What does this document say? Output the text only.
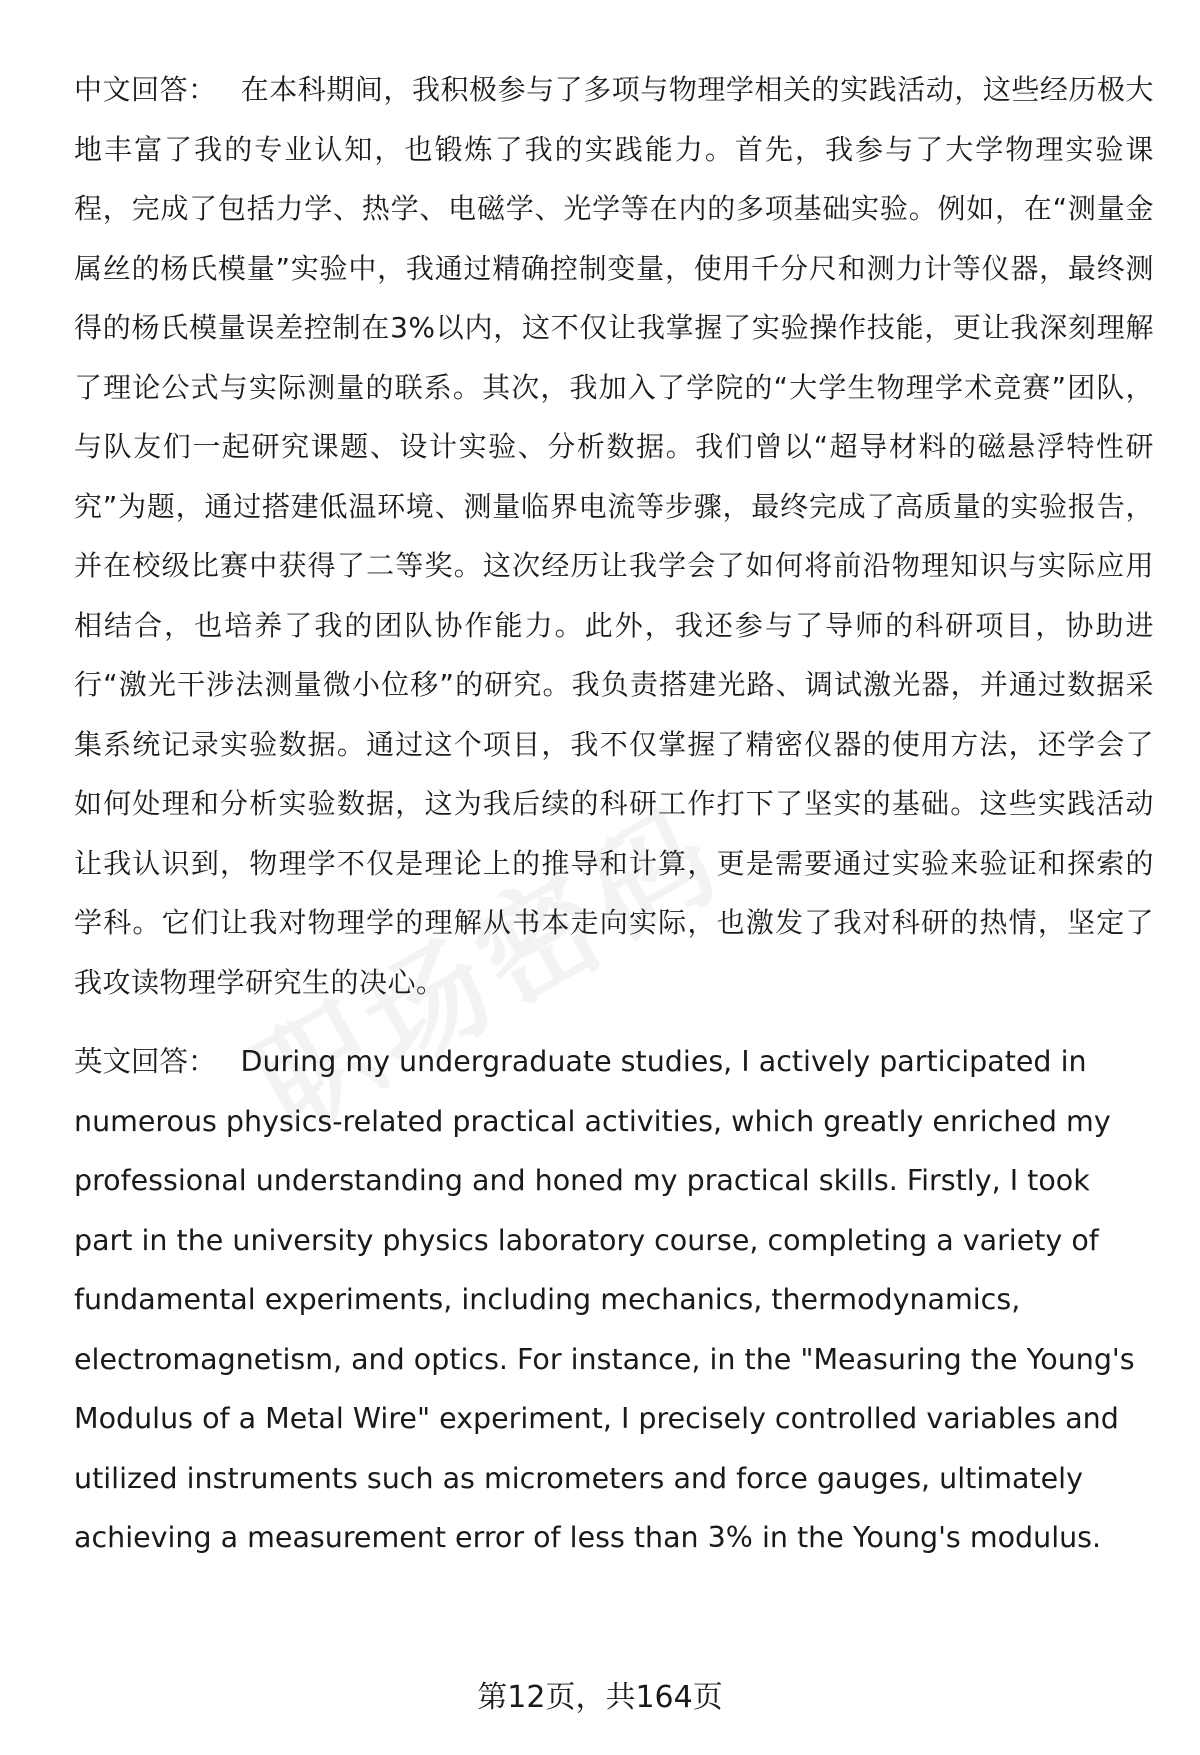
中文回答： 在本科期间，我积极参与了多项与物理学相关的实践活动，这些经历极大地丰富了我的专业认知，也锻炼了我的实践能力。首先，我参与了大学物理实验课程，完成了包括力学、热学、电磁学、光学等在内的多项基础实验。例如，在“测量金属丝的杨氏模量”实验中，我通过精确控制变量，使用千分尺和测力计等仪器，最终测得的杨氏模量误差控制在3%以内，这不仅让我掌握了实验操作技能，更让我深刻理解了理论公式与实际测量的联系。其次，我加入了学院的“大学生物理学术竞赛”团队，与队友们一起研究课题、设计实验、分析数据。我们曾以“超导材料的磁悬浮特性研究”为题，通过搭建低温环境、测量临界电流等步骤，最终完成了高质量的实验报告，并在校级比赛中获得了二等奖。这次经历让我学会了如何将前沿物理知识与实际应用相结合，也培养了我的团队协作能力。此外，我还参与了导师的科研项目，协助进行“激光干涉法测量微小位移”的研究。我负责搭建光路、调试激光器，并通过数据采集系统记录实验数据。通过这个项目，我不仅掌握了精密仪器的使用方法，还学会了如何处理和分析实验数据，这为我后续的科研工作打下了坚实的基础。这些实践活动让我认识到，物理学不仅是理论上的推导和计算，更是需要通过实验来验证和探索的学科。它们让我对物理学的理解从书本走向实际，也激发了我对科研的热情，坚定了我攻读物理学研究生的决心。

英文回答： During my undergraduate studies, I actively participated in numerous physics-related practical activities, which greatly enriched my professional understanding and honed my practical skills. Firstly, I took part in the university physics laboratory course, completing a variety of fundamental experiments, including mechanics, thermodynamics, electromagnetism, and optics. For instance, in the "Measuring the Young's Modulus of a Metal Wire" experiment, I precisely controlled variables and utilized instruments such as micrometers and force gauges, ultimately achieving a measurement error of less than 3% in the Young's modulus.

第12页，共164页
